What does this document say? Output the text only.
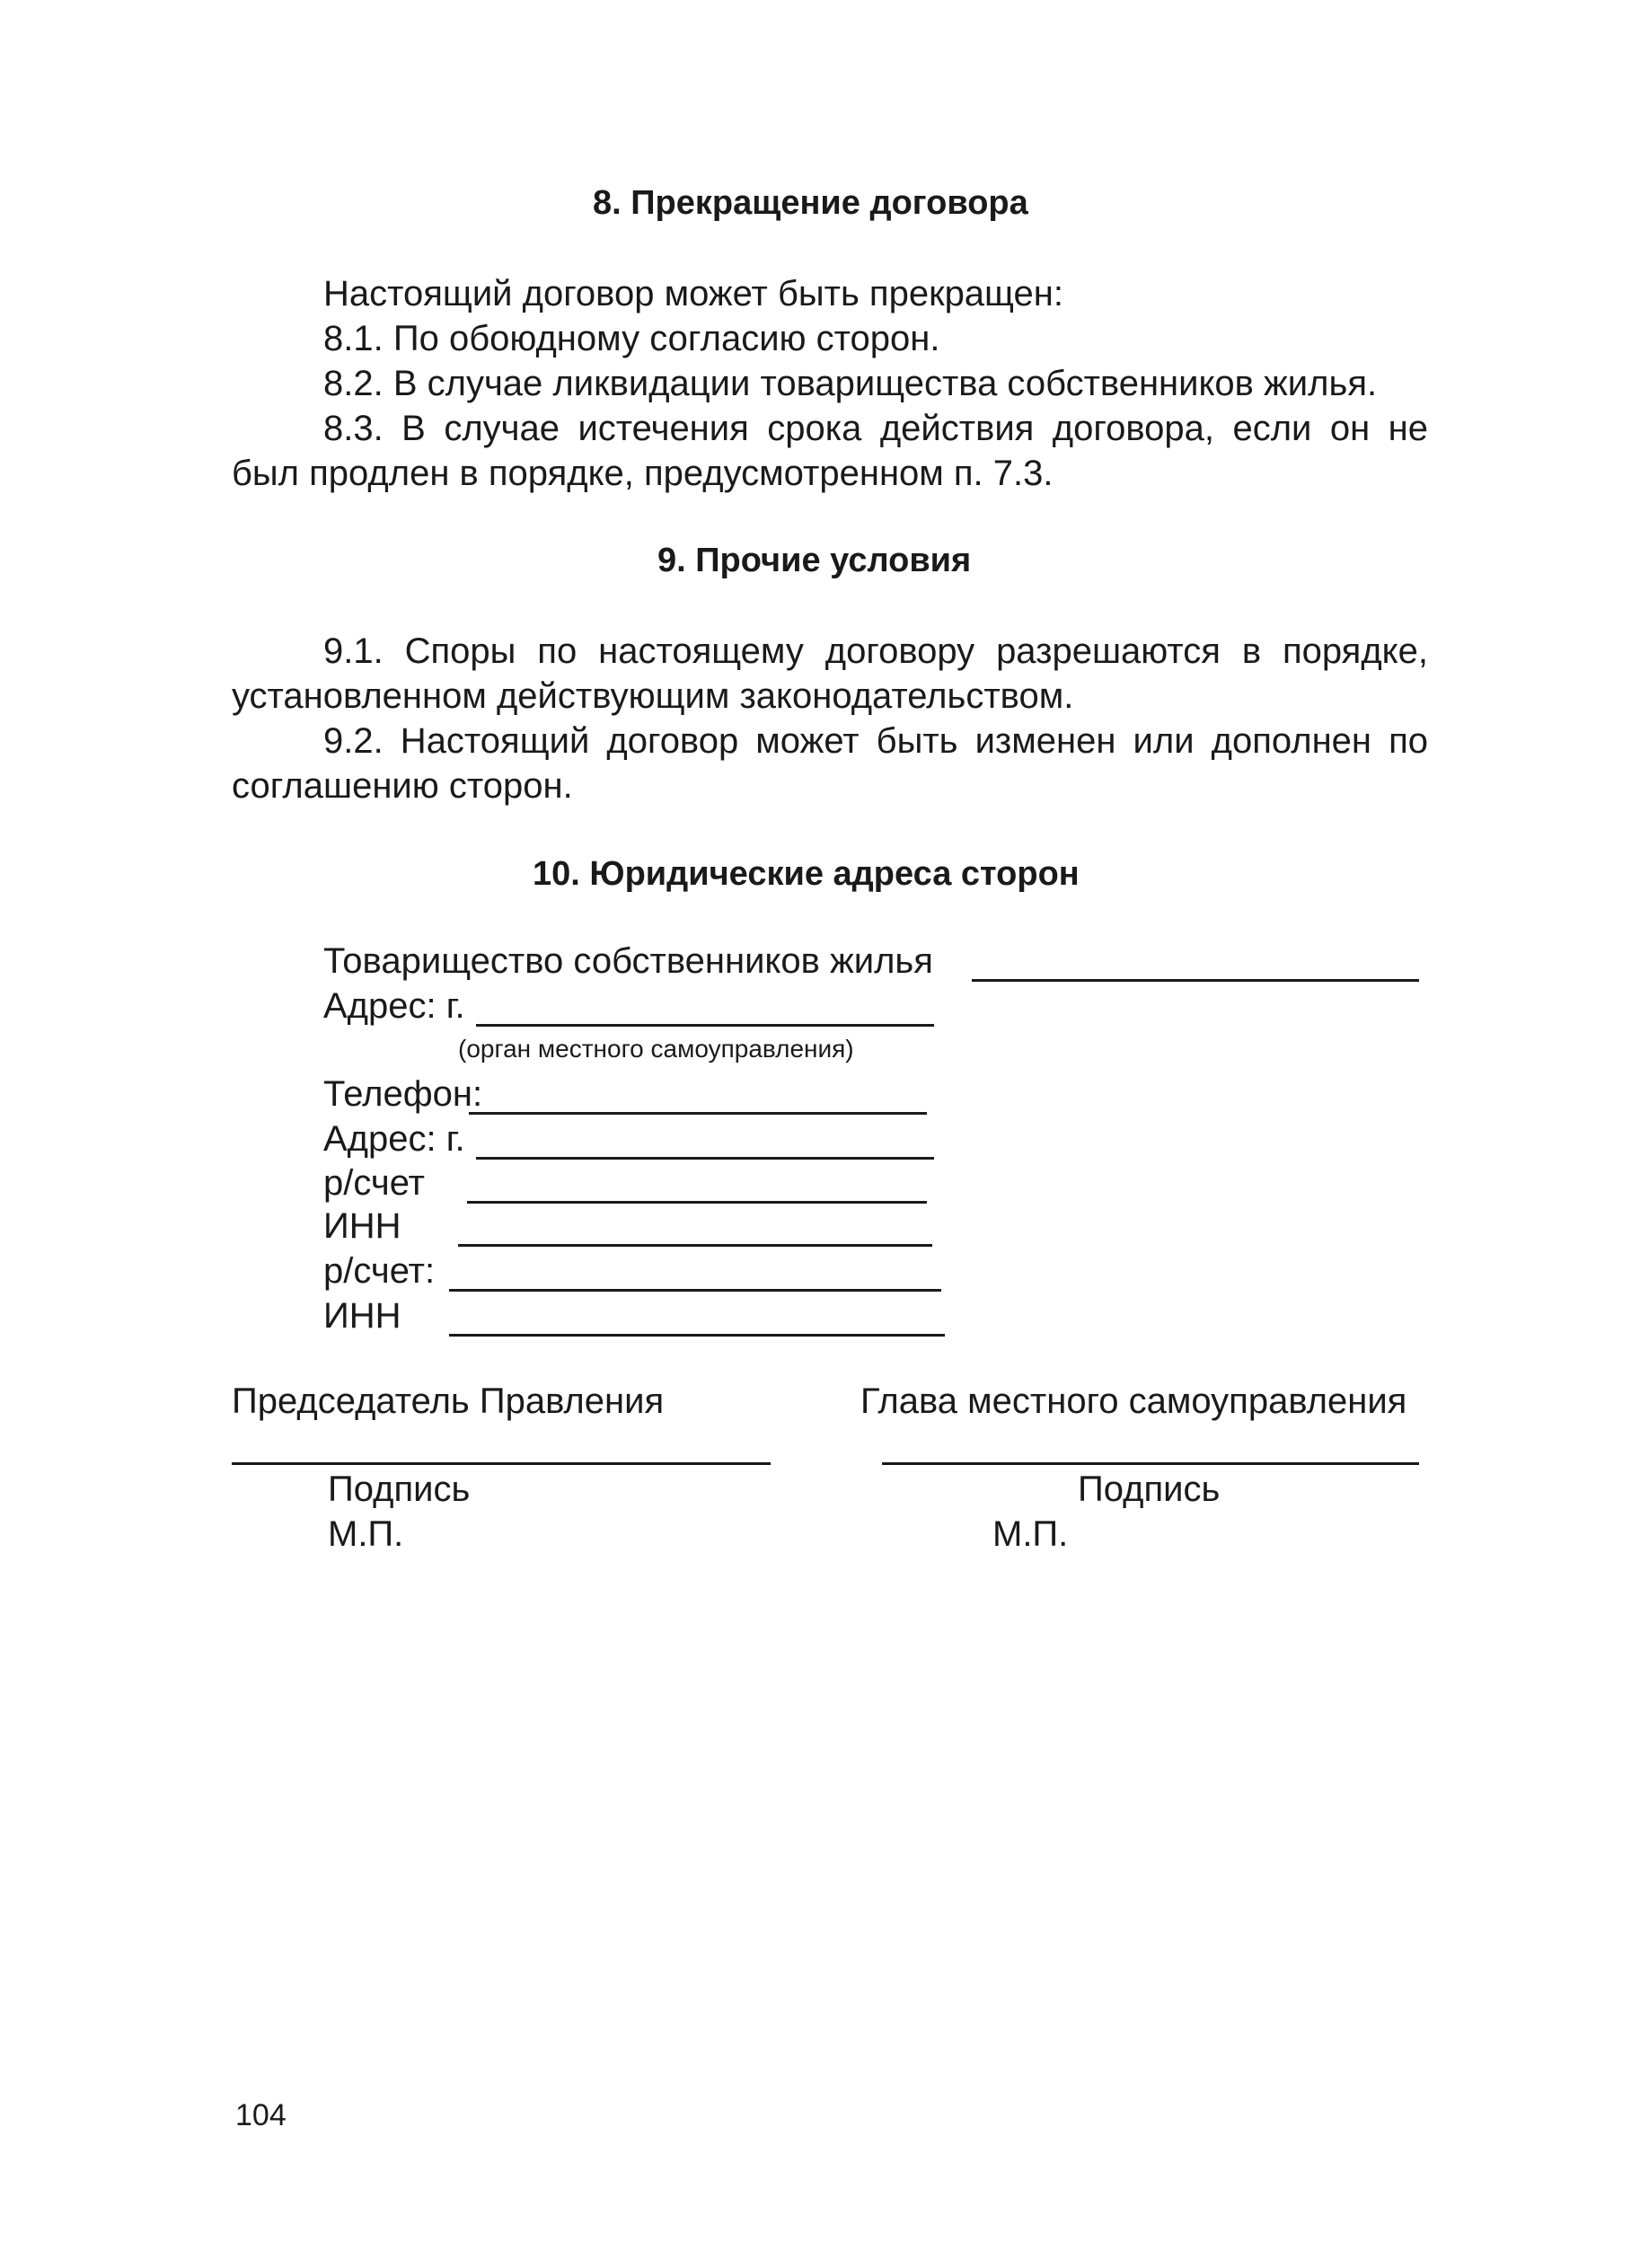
8. Прекращение договора
Настоящий договор может быть прекращен:
8.1. По обоюдному согласию сторон.
8.2. В случае ликвидации товарищества собственников жилья.
8.3. В случае истечения срока действия договора, если он не
был продлен в порядке, предусмотренном п. 7.3.
9. Прочие условия
9.1. Споры по настоящему договору разрешаются в порядке,
установленном действующим законодательством.
9.2. Настоящий договор может быть изменен или дополнен по
соглашению сторон.
10. Юридические адреса сторон
Товарищество собственников жилья
Адрес: г.
(орган местного самоуправления)
Телефон:
Адрес: г.
р/счет
ИНН
р/счет:
ИНН
Председатель Правления	Глава местного самоуправления
Подпись	Подпись
М.П.	М.П.
104
